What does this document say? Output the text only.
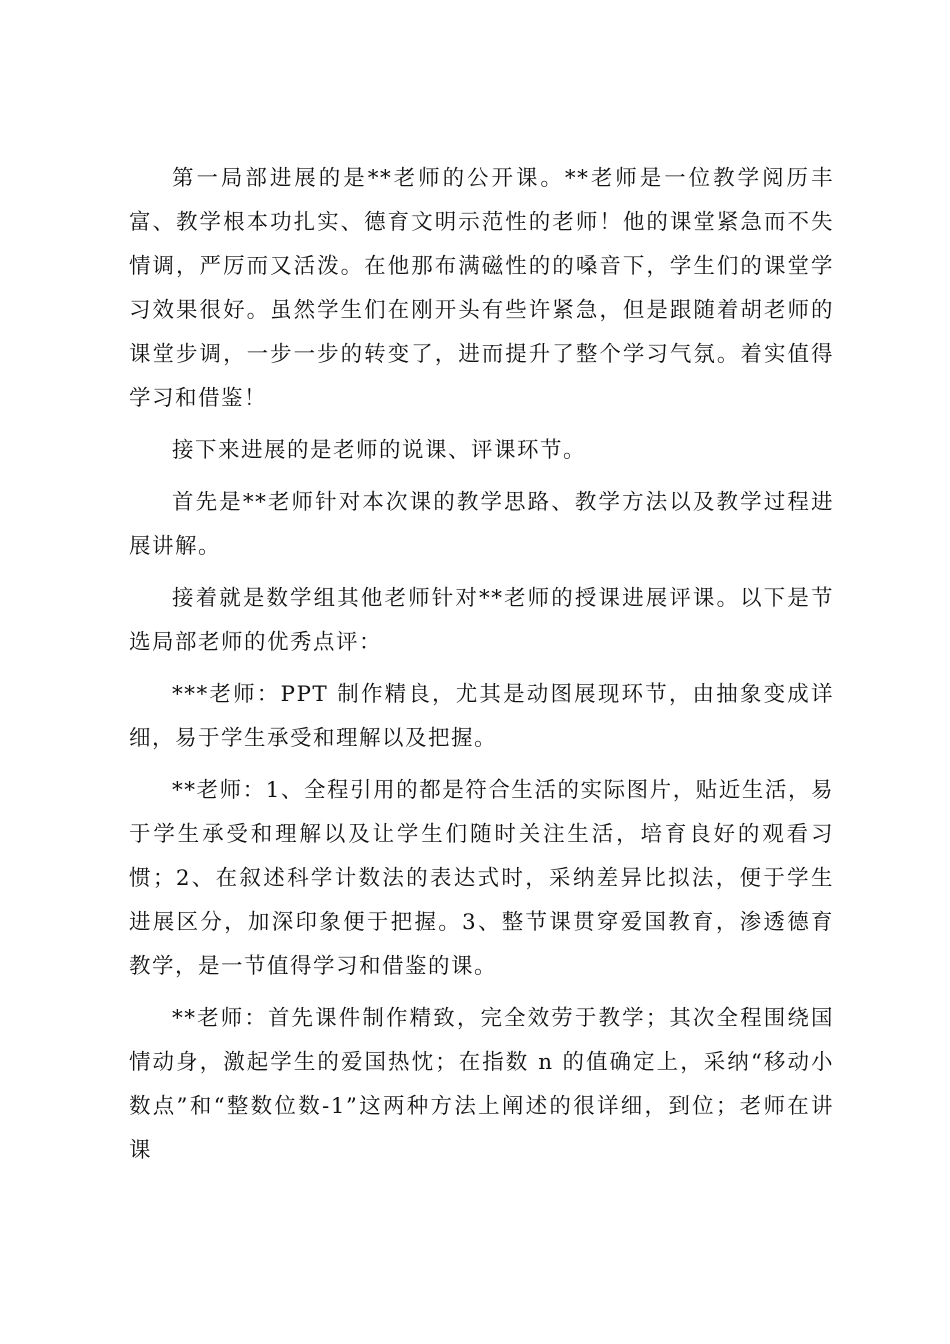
第一局部进展的是**老师的公开课。**老师是一位教学阅历丰富、教学根本功扎实、德育文明示范性的老师！他的课堂紧急而不失情调，严厉而又活泼。在他那布满磁性的的嗓音下，学生们的课堂学习效果很好。虽然学生们在刚开头有些许紧急，但是跟随着胡老师的课堂步调，一步一步的转变了，进而提升了整个学习气氛。着实值得学习和借鉴！

接下来进展的是老师的说课、评课环节。

首先是**老师针对本次课的教学思路、教学方法以及教学过程进展讲解。

接着就是数学组其他老师针对**老师的授课进展评课。以下是节选局部老师的优秀点评：

***老师：PPT 制作精良，尤其是动图展现环节，由抽象变成详细，易于学生承受和理解以及把握。

**老师：1、全程引用的都是符合生活的实际图片，贴近生活，易于学生承受和理解以及让学生们随时关注生活，培育良好的观看习惯；2、在叙述科学计数法的表达式时，采纳差异比拟法，便于学生进展区分，加深印象便于把握。3、整节课贯穿爱国教育，渗透德育教学，是一节值得学习和借鉴的课。

**老师：首先课件制作精致，完全效劳于教学；其次全程围绕国情动身，激起学生的爱国热忱；在指数 n 的值确定上，采纳“移动小数点”和“整数位数-1”这两种方法上阐述的很详细，到位；老师在讲课
